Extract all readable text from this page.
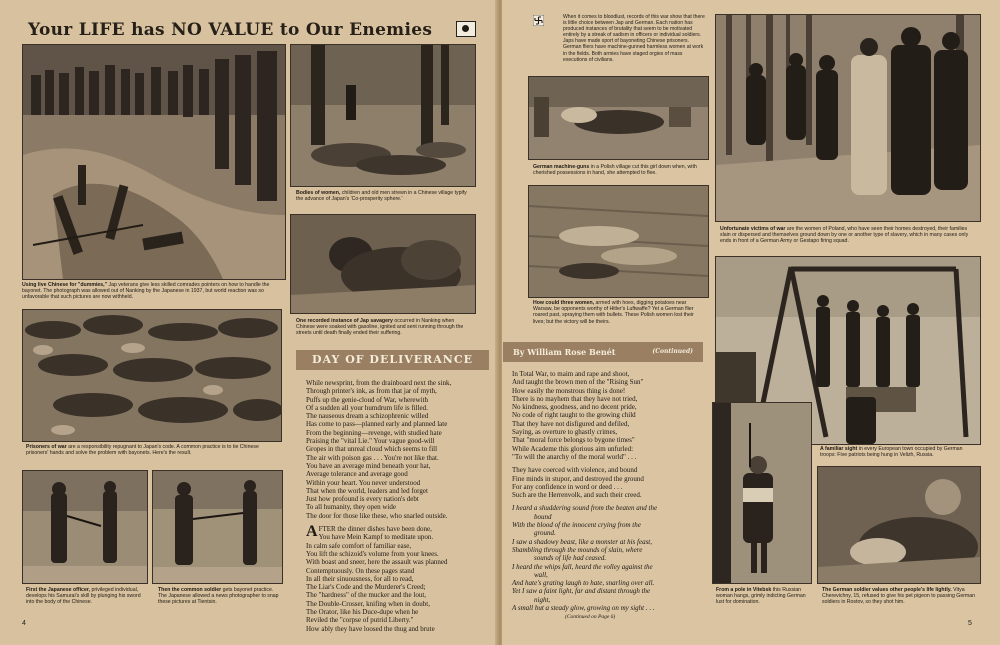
Your LIFE has NO VALUE to Our Enemies

Using live Chinese for "dummies," Jap veterans give less skilled comrades pointers on how to handle the bayonet. The photograph was allowed out of Nanking by the Japanese in 1937, but world reaction was so unfavorable that such pictures are now withheld.

Bodies of women, children and old men strewn in a Chinese village typify the advance of Japan's 'Co-prosperity sphere.'

One recorded instance of Jap savagery occurred in Nanking when Chinese were soaked with gasoline, ignited and sent running through the streets until death finally ended their suffering.

Prisoners of war are a responsibility repugnant to Japan's code. A common practice is to tie Chinese prisoners' hands and solve the problem with bayonets. Here's the result.

First the Japanese officer, privileged individual, develops his Samurai's skill by plunging his sword into the body of the Chinese.

Then the common soldier gets bayonet practice. The Japanese allowed a news photographer to snap these pictures at Tientsin.

DAY OF DELIVERANCE

While newsprint, from the drainboard next the sink,

Through printer's ink, as from that jar of myth,

Puffs up the genie-cloud of War, wherewith

Of a sudden all your humdrum life is filled.

The nauseous dream a schizophrenic willed

Has come to pass—planned early and planned late

From the beginning—revenge, with studied hate

Praising the "vital Lie." Your vague good-will

Gropes in that unreal cloud which seems to fill

The air with poison gas . . . You're not like that.

You have an average mind beneath your hat,

Average tolerance and average good

Within your heart. You never understood

That when the world, leaders and led forget

Just how profound is every nation's debt

To all humanity, they open wide

The door for those like these, who snarled outside.

AFTER the dinner dishes have been done,

You have Mein Kampf to meditate upon.

In calm safe comfort of familiar ease,

You lift the schizoid's volume from your knees.

With boast and sneer, here the assault was planned

Contemptuously. On these pages stand

In all their sinuousness, for all to read,

The Liar's Code and the Murderer's Creed;

The "hardness" of the mucker and the lout,

The Double-Crosser, knifing when in doubt,

The Orator, like his Duce-dupe when he

Reviled the "corpse of putrid Liberty."

How ably they have loosed the thug and brute

4

When it comes to bloodlust, records of this war show that there is little choice between Jap and German. Each nation has produced instances of brutality that seem to be motivated entirely by a streak of sadism in officers or individual soldiers. Japs have made sport of bayoneting Chinese prisoners. German fliers have machine-gunned harmless women at work in the fields. Both armies have staged orgies of mass executions of civilians.

German machine-guns in a Polish village cut this girl down when, with cherished possessions in hand, she attempted to flee.

How could three women, armed with hoes, digging potatoes near Warsaw, be opponents worthy of Hitler's Luftwaffe? Yet a German flier roared past, spraying them with bullets. These Polish women lost their lives; but the victory will be theirs.

Unfortunate victims of war are the women of Poland, who have seen their homes destroyed, their families slain or dispersed and themselves ground down by one or another type of slavery, which in many cases only ends in front of a German Army or Gestapo firing squad.

A familiar sight in every European town occupied by German troops: Five patriots being hung in Velizh, Russia.

From a pole in Vitebsk this Russian woman hangs, grimly indicting German lust for domination.

The German soldier values other people's life lightly. Vitya Cherevichny, 15, refused to give his pet pigeon to passing German soldiers in Rostov, so they shot him.

By William Rose Benét	(Continued)

In Total War, to maim and rape and shoot,

And taught the brown men of the "Rising Sun"

How easily the monstrous thing is done!

There is no mayhem that they have not tried,

No kindness, goodness, and no decent pride,

No code of right taught to the growing child

That they have not disfigured and defiled,

Saying, as overture to ghastly crimes,

That "moral force belongs to bygone times"

While Academe this glorious aim unfurled:

"To will the anarchy of the moral world" . . .

They have coerced with violence, and bound

Fine minds in stupor, and destroyed the ground

For any confidence in word or deed . . .

Such are the Herrenvolk, and such their creed.

I heard a shuddering sound from the beaten and the

bound

With the blood of the innocent crying from the

ground.

I saw a shadowy beast, like a monster at his feast,

Shambling through the mounds of slain, where

sounds of life had ceased.

I heard the whips fall, heard the volley against the

wall,

And hate's grating laugh to hate, snarling over all.

Yet I saw a faint light, far and distant through the

night,

A small but a steady glow, growing on my sight . . .

(Continued on Page 6)

5
